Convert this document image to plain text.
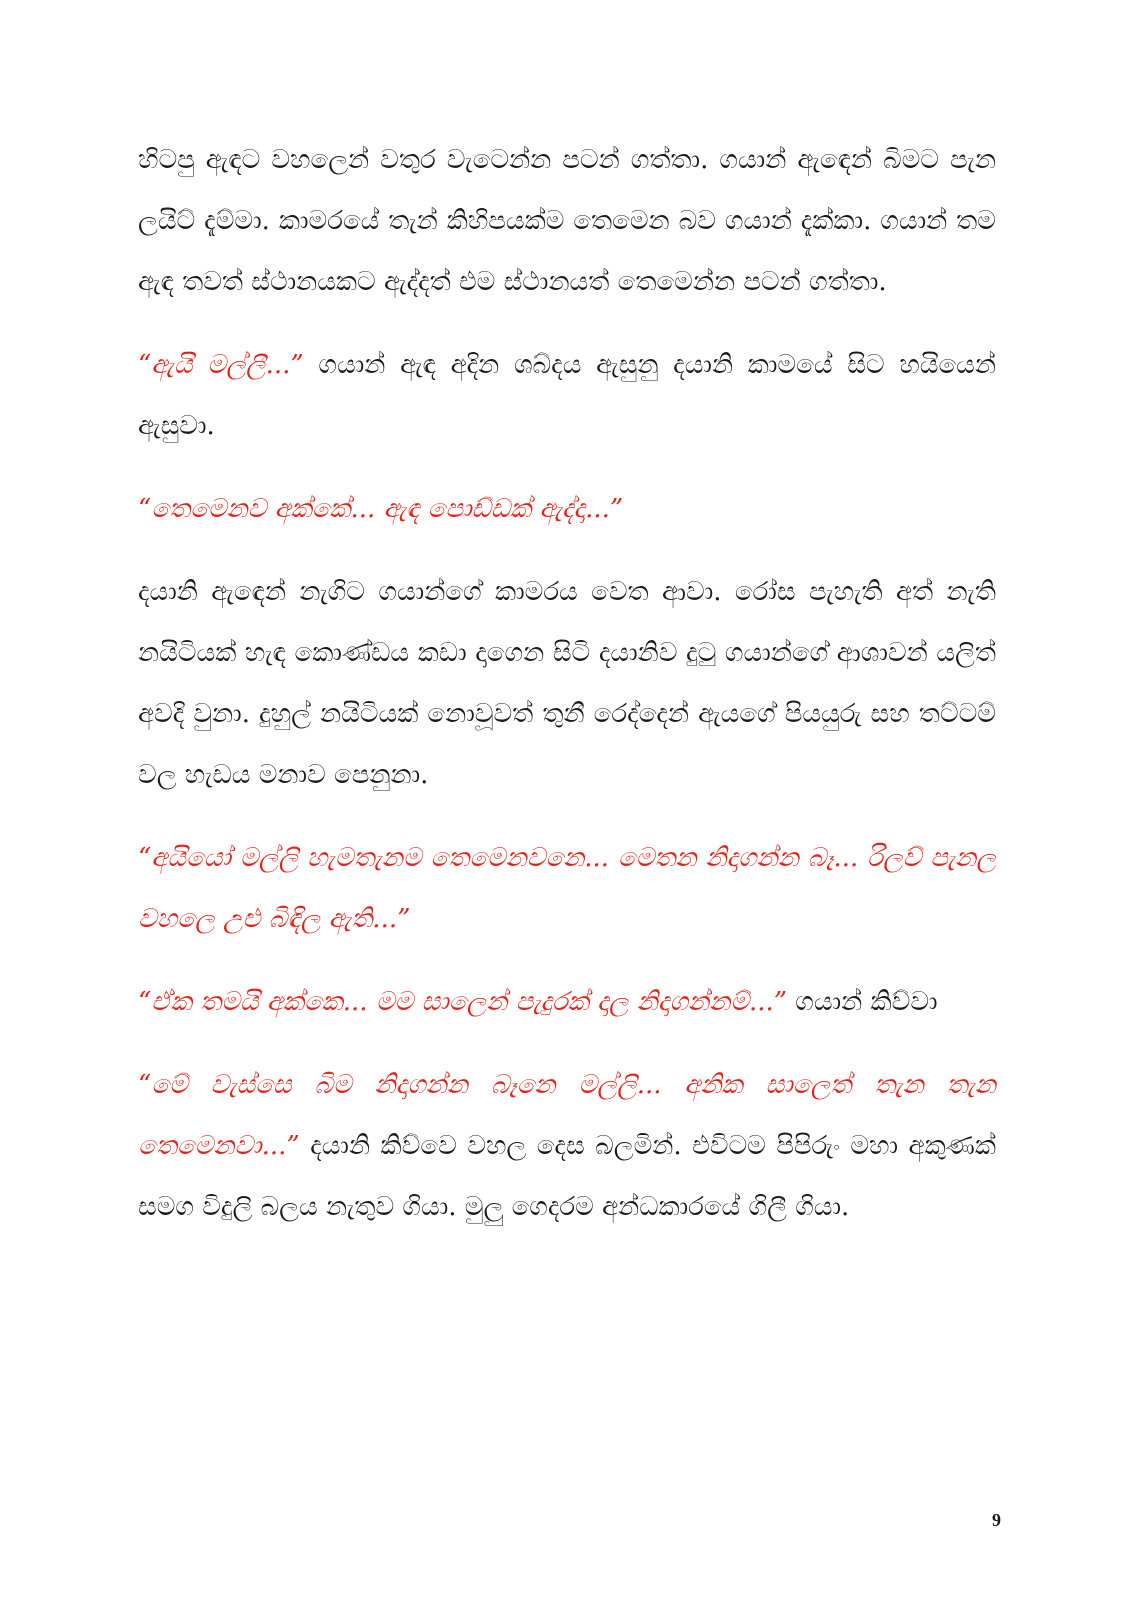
හිටපු ඇඳට වහලෙන් වතුර වැටෙන්න පටන් ගත්තා. ගයාන් ඇඳෙන් බිමට පැන ලයිට් දැම්මා. කාමරයේ තැන් කිහිපයක්ම තෙමෙන බව ගයාන් දැක්කා. ගයාන් තම ඇඳ තවත් ස්ථානයකට ඇද්දත් එම ස්ථානයත් තෙමෙන්න පටන් ගත්තා.

“ඇයි මල්ලී...” ගයාන් ඇඳ අදින ශබ්දය ඇසුනු දයානි කාමයේ සිට හයියෙන් ඇසුවා.

“තෙමෙනව අක්කේ... ඇඳ පොඩ්ඩක් ඇද්දා...”

දයානි ඇඳෙන් නැගිට ගයාන්ගේ කාමරය වෙත ආවා. රෝස පැහැති අත් නැති නයිටියක් හැඳ කොණ්ඩය කඩා දාගෙන සිටි දයානිව දුටු ගයාන්ගේ ආශාවන් යලිත් අවදි වුනා. දුහුල් නයිටියක් නොවූවත් තුනී රෙද්දෙන් ඇයගේ පියයුරු සහ තට්ටම් වල හැඩය මනාව පෙනුනා.

“අයියෝ මල්ලි හැමතැනම තෙමෙනවනෙ... මෙතන නිදාගන්න බෑ... රිලව් පැනල වහලෙ උළු බිඳිල ඇති...”

“ඒක තමයි අක්කෙ... මම සාලෙන් පැදුරක් දාල නිදාගන්නම්...” ගයාන් කිව්වා

“මේ වැස්සෙ බිම නිදාගන්න බෑනෙ මල්ලි... අනික සාලෙත් තැන තැන තෙමෙනවා...” දයානි කිව්වෙ වහල දෙස බලමින්. එවිටම පිපිරුං මහා අකුණක් සමග විදුලි බලය නැතුව ගියා. මුලු ගෙදරම අන්ධකාරයේ ගිලී ගියා.

9
